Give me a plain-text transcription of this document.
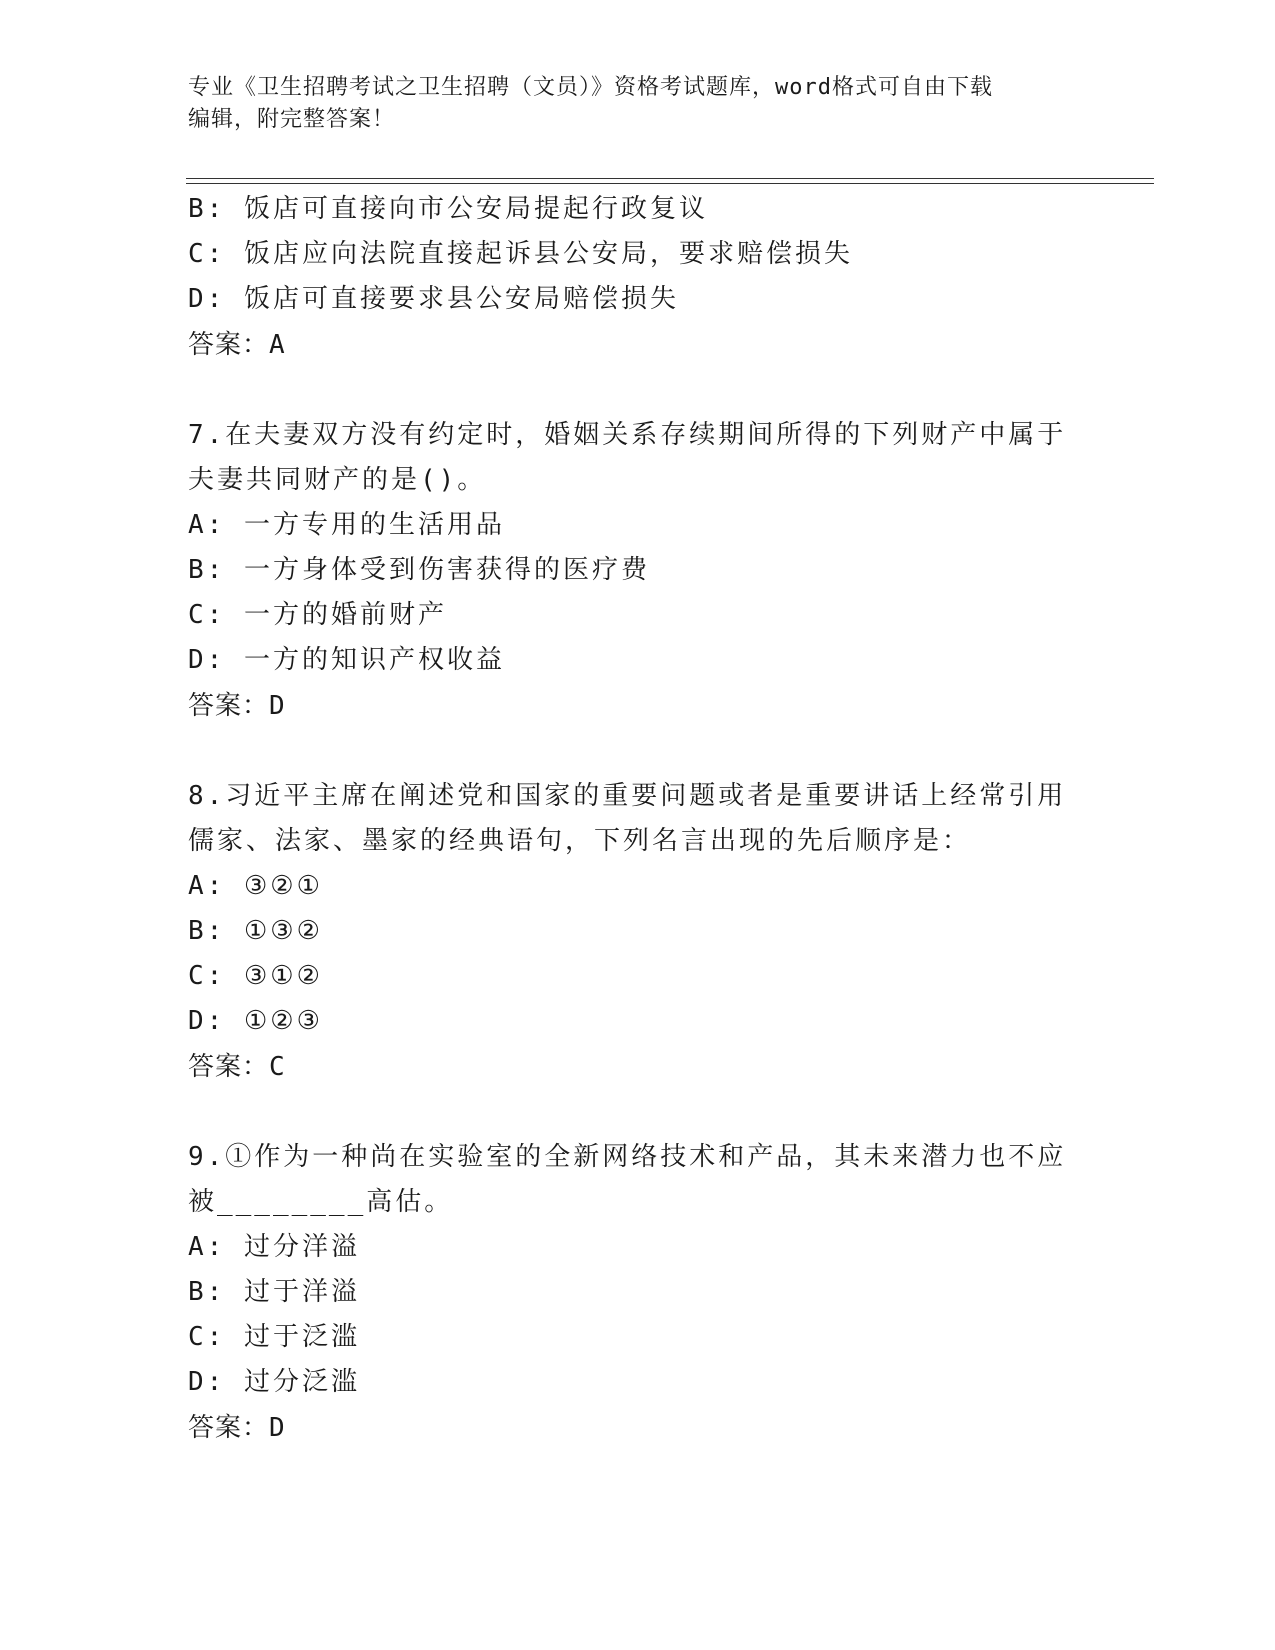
专业《卫生招聘考试之卫生招聘（文员）》资格考试题库，word格式可自由下载
编辑，附完整答案！
B: 饭店可直接向市公安局提起行政复议
C: 饭店应向法院直接起诉县公安局，要求赔偿损失
D: 饭店可直接要求县公安局赔偿损失
答案：A
7.在夫妻双方没有约定时，婚姻关系存续期间所得的下列财产中属于
夫妻共同财产的是()。
A: 一方专用的生活用品
B: 一方身体受到伤害获得的医疗费
C: 一方的婚前财产
D: 一方的知识产权收益
答案：D
8.习近平主席在阐述党和国家的重要问题或者是重要讲话上经常引用
儒家、法家、墨家的经典语句，下列名言出现的先后顺序是：
A: ③②①
B: ①③②
C: ③①②
D: ①②③
答案：C
9.①作为一种尚在实验室的全新网络技术和产品，其未来潜力也不应
被________高估。
A: 过分洋溢
B: 过于洋溢
C: 过于泛滥
D: 过分泛滥
答案：D
